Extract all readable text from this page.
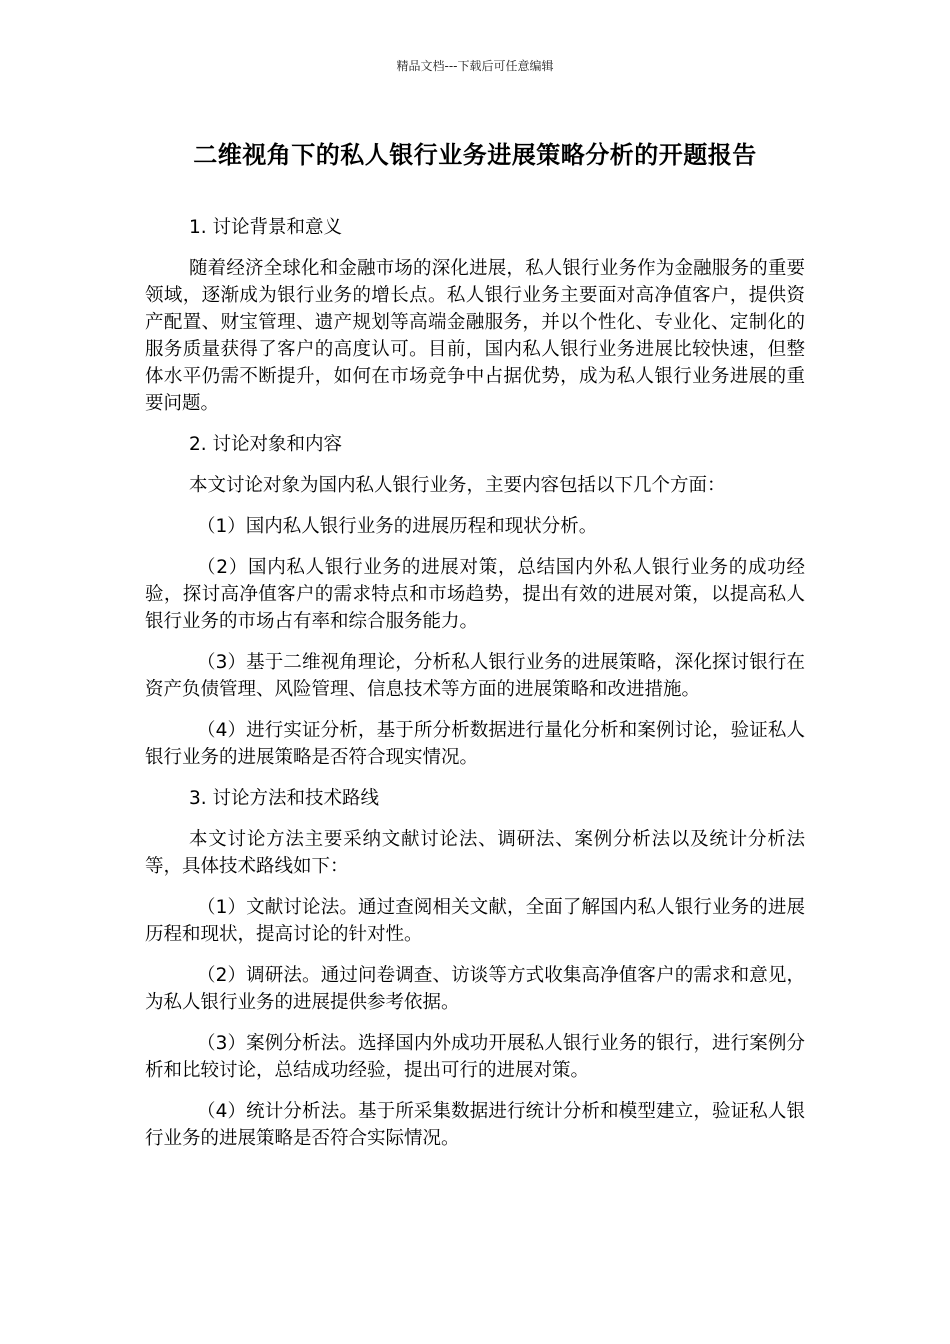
精品文档---下载后可任意编辑
二维视角下的私人银行业务进展策略分析的开题报告

1. 讨论背景和意义

随着经济全球化和金融市场的深化进展，私人银行业务作为金融服务的重要领域，逐渐成为银行业务的增长点。私人银行业务主要面对高净值客户，提供资产配置、财宝管理、遗产规划等高端金融服务，并以个性化、专业化、定制化的服务质量获得了客户的高度认可。目前，国内私人银行业务进展比较快速，但整体水平仍需不断提升，如何在市场竞争中占据优势，成为私人银行业务进展的重要问题。

2. 讨论对象和内容

本文讨论对象为国内私人银行业务，主要内容包括以下几个方面：

（1）国内私人银行业务的进展历程和现状分析。

（2）国内私人银行业务的进展对策，总结国内外私人银行业务的成功经验，探讨高净值客户的需求特点和市场趋势，提出有效的进展对策，以提高私人银行业务的市场占有率和综合服务能力。

（3）基于二维视角理论，分析私人银行业务的进展策略，深化探讨银行在资产负债管理、风险管理、信息技术等方面的进展策略和改进措施。

（4）进行实证分析，基于所分析数据进行量化分析和案例讨论，验证私人银行业务的进展策略是否符合现实情况。

3. 讨论方法和技术路线

本文讨论方法主要采纳文献讨论法、调研法、案例分析法以及统计分析法等，具体技术路线如下：

（1）文献讨论法。通过查阅相关文献，全面了解国内私人银行业务的进展历程和现状，提高讨论的针对性。

（2）调研法。通过问卷调查、访谈等方式收集高净值客户的需求和意见，为私人银行业务的进展提供参考依据。

（3）案例分析法。选择国内外成功开展私人银行业务的银行，进行案例分析和比较讨论，总结成功经验，提出可行的进展对策。

（4）统计分析法。基于所采集数据进行统计分析和模型建立，验证私人银行业务的进展策略是否符合实际情况。
